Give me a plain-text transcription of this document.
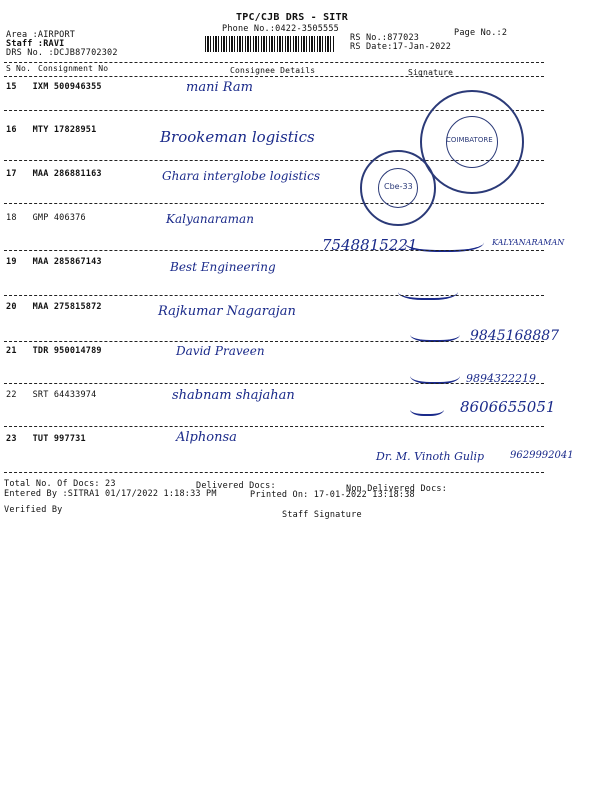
TPC/CJB DRS - SITR
Phone No.:0422-3505555	Page No.:2
RS No.:877023
RS Date:17-Jan-2022
Area :AIRPORT
Staff :RAVI
DRS No. :DCJB87702302
S No. Consignment No	Consignee Details	Signature
15 IXM 500946355	mani Ram
16 MTY 17828951	Brookeman logistics
17 MAA 286881163	Ghara interglobe logistics
18 GMP 406376	Kalyanaraman
7548815221	KALYANARAMAN
19 MAA 285867143	Best Engineering
20 MAA 275815872	Rajkumar Nagarajan
9845168887
21 TDR 950014789	David Praveen
9894322219
22 SRT 64433974	shabnam shajahan
8606655051
23 TUT 997731	Alphonsa
Dr. M. Vinoth Gulip	9629992041
COIMBATORE
Cbe-33
Total No. Of Docs: 23	Delivered Docs:	Non Delivered Docs:
Entered By :SITRA1 01/17/2022 1:18:33 PM	Printed On: 17-01-2022 13:18:38
Verified By	Staff Signature
